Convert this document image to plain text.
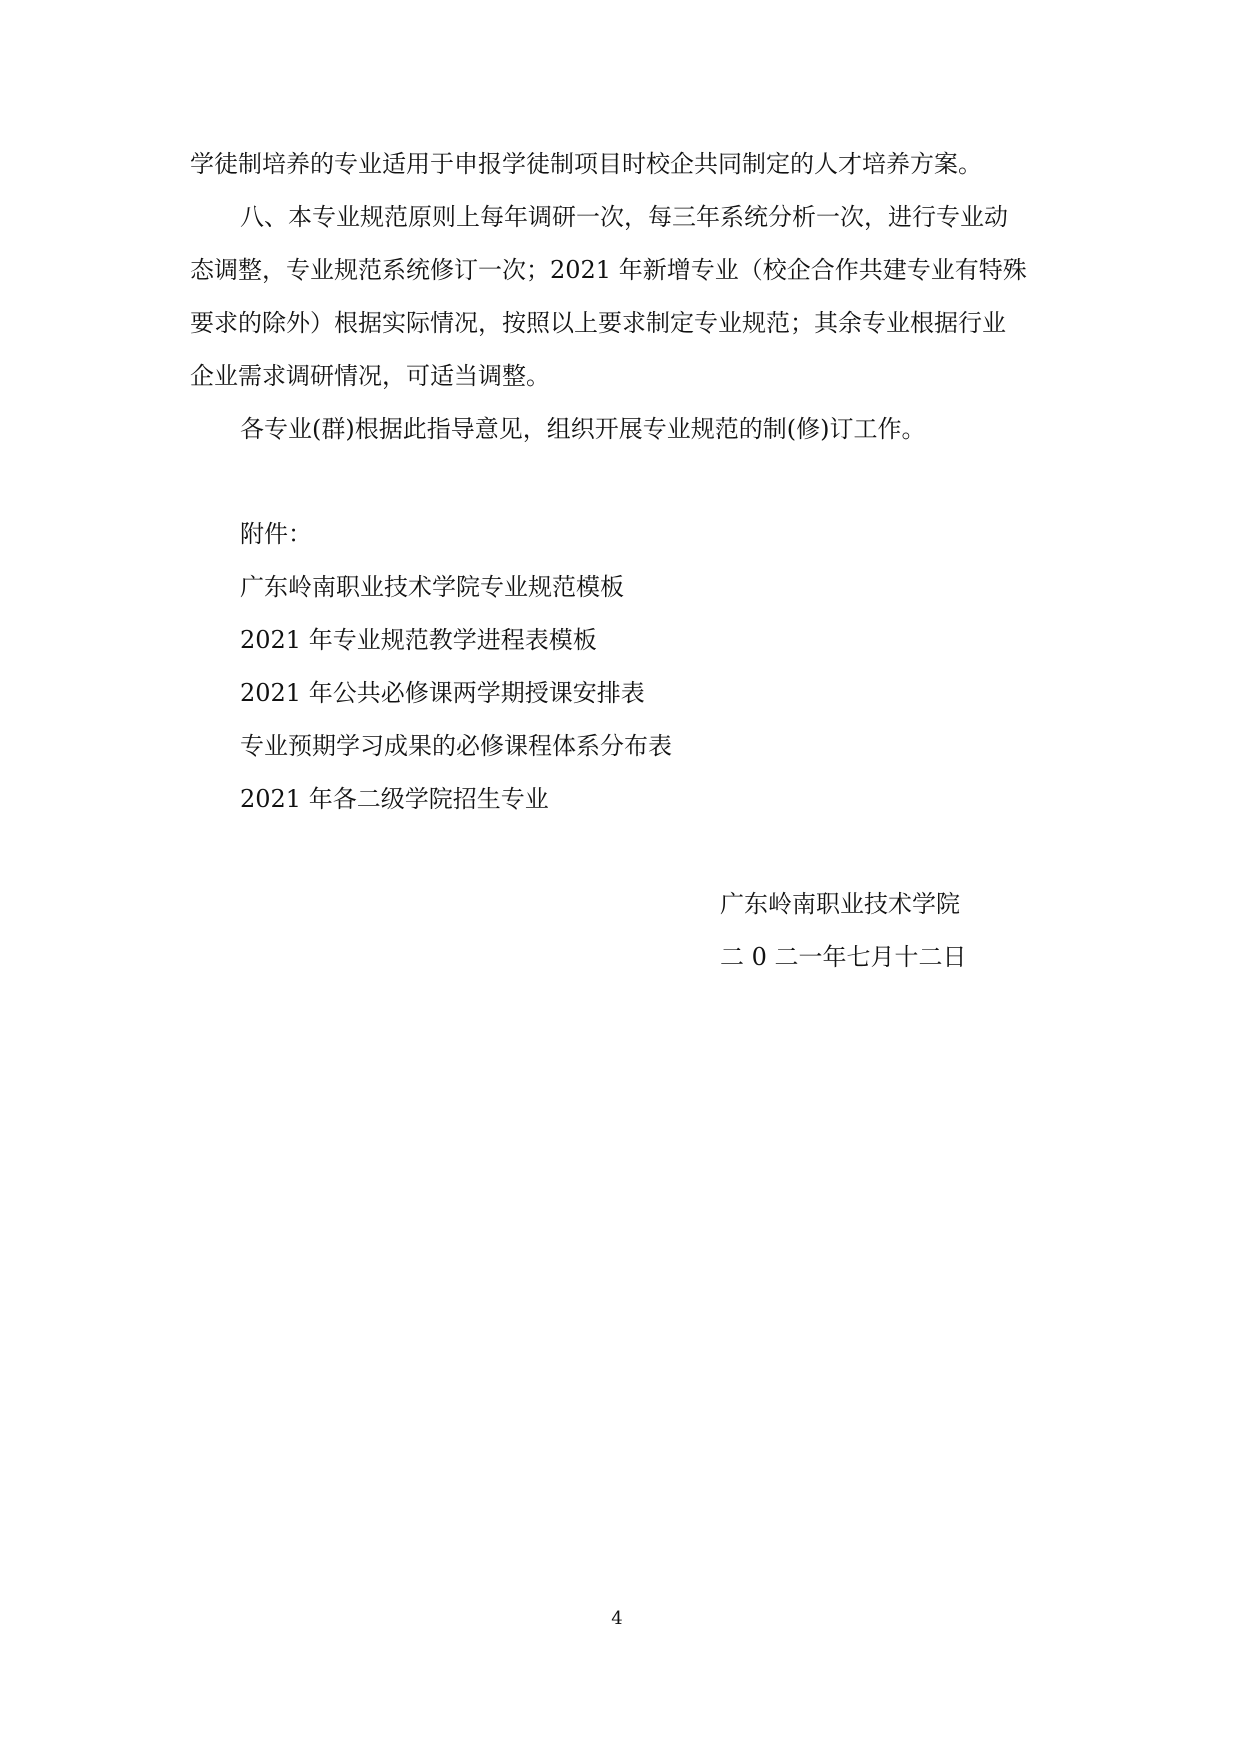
学徒制培养的专业适用于申报学徒制项目时校企共同制定的人才培养方案。
八、本专业规范原则上每年调研一次，每三年系统分析一次，进行专业动
态调整，专业规范系统修订一次；2021 年新增专业（校企合作共建专业有特殊
要求的除外）根据实际情况，按照以上要求制定专业规范；其余专业根据行业
企业需求调研情况，可适当调整。
各专业(群)根据此指导意见，组织开展专业规范的制(修)订工作。
附件：
广东岭南职业技术学院专业规范模板
2021 年专业规范教学进程表模板
2021 年公共必修课两学期授课安排表
专业预期学习成果的必修课程体系分布表
2021 年各二级学院招生专业
广东岭南职业技术学院
二 0 二一年七月十二日
4
